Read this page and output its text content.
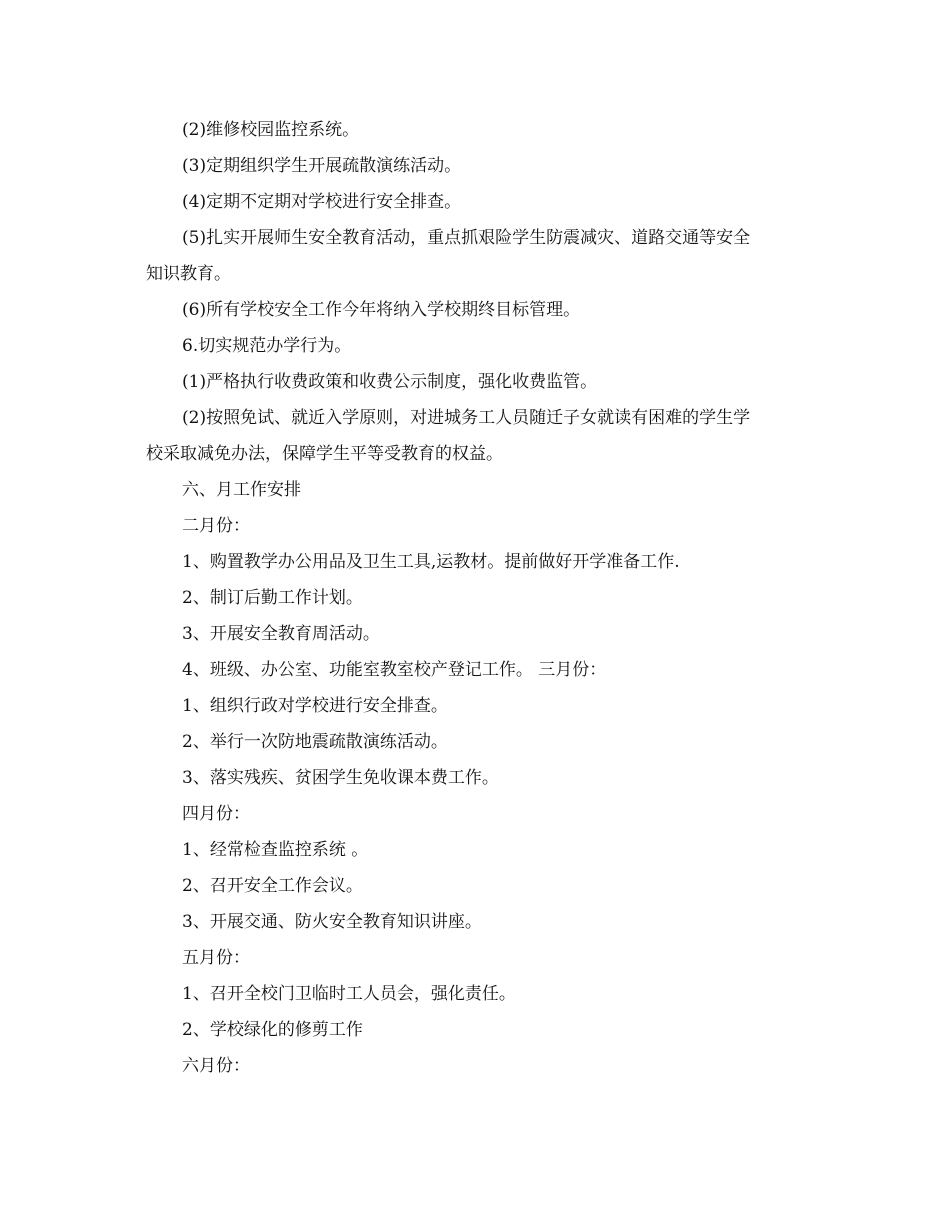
(2)维修校园监控系统。
(3)定期组织学生开展疏散演练活动。
(4)定期不定期对学校进行安全排查。
(5)扎实开展师生安全教育活动，重点抓艰险学生防震减灾、道路交通等安全
知识教育。
(6)所有学校安全工作今年将纳入学校期终目标管理。
6.切实规范办学行为。
(1)严格执行收费政策和收费公示制度，强化收费监管。
(2)按照免试、就近入学原则，对进城务工人员随迁子女就读有困难的学生学
校采取减免办法，保障学生平等受教育的权益。
六、月工作安排
二月份：
1、购置教学办公用品及卫生工具,运教材。提前做好开学准备工作.
2、制订后勤工作计划。
3、开展安全教育周活动。
4、班级、办公室、功能室教室校产登记工作。 三月份：
1、组织行政对学校进行安全排查。
2、举行一次防地震疏散演练活动。
3、落实残疾、贫困学生免收课本费工作。
四月份：
1、经常检查监控系统 。
2、召开安全工作会议。
3、开展交通、防火安全教育知识讲座。
五月份：
1、召开全校门卫临时工人员会，强化责任。
2、学校绿化的修剪工作
六月份：
